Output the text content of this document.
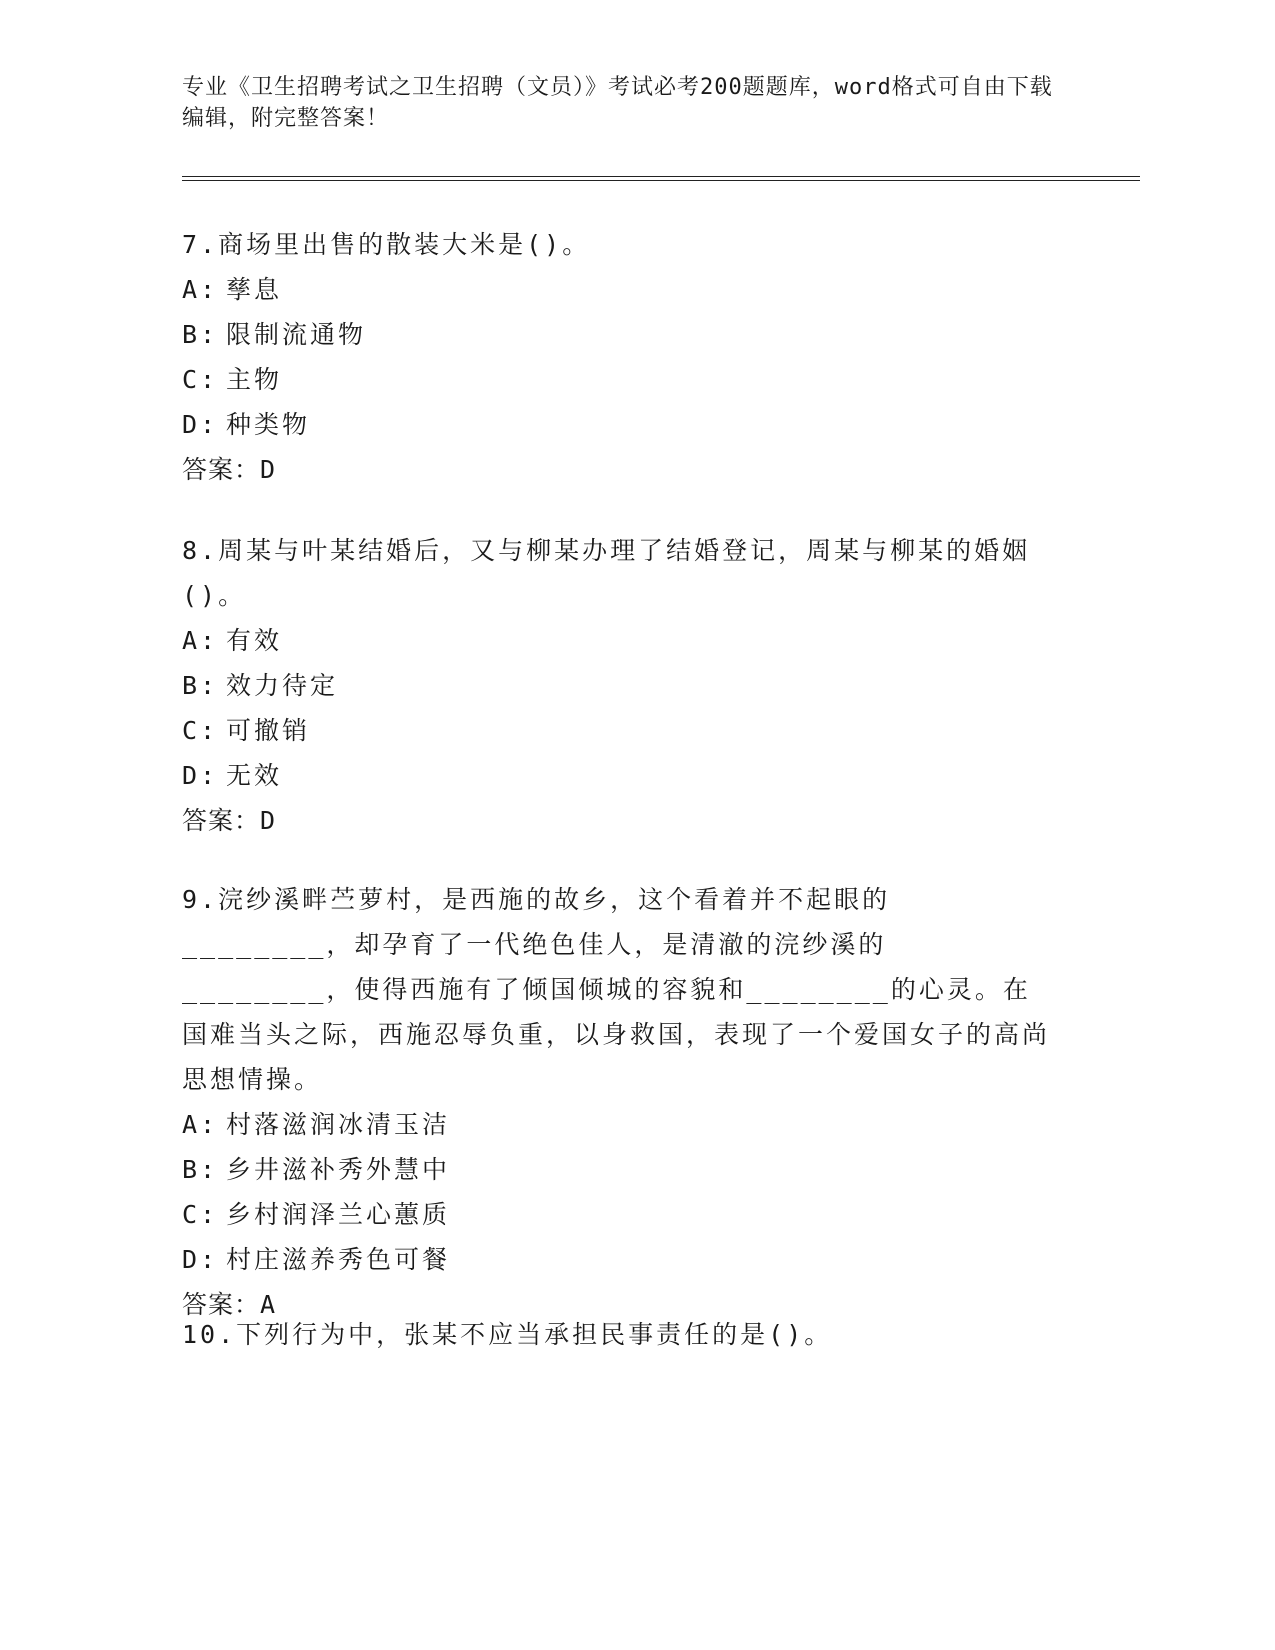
专业《卫生招聘考试之卫生招聘（文员）》考试必考200题题库，word格式可自由下载编辑，附完整答案！
7.商场里出售的散装大米是()。
A: 孳息
B: 限制流通物
C: 主物
D: 种类物
答案：D
8.周某与叶某结婚后，又与柳某办理了结婚登记，周某与柳某的婚姻()。
A: 有效
B: 效力待定
C: 可撤销
D: 无效
答案：D
9.浣纱溪畔苎萝村，是西施的故乡，这个看着并不起眼的________，却孕育了一代绝色佳人，是清澈的浣纱溪的________，使得西施有了倾国倾城的容貌和________的心灵。在国难当头之际，西施忍辱负重，以身救国，表现了一个爱国女子的高尚思想情操。
A: 村落滋润冰清玉洁
B: 乡井滋补秀外慧中
C: 乡村润泽兰心蕙质
D: 村庄滋养秀色可餐
答案：A
10.下列行为中，张某不应当承担民事责任的是()。
